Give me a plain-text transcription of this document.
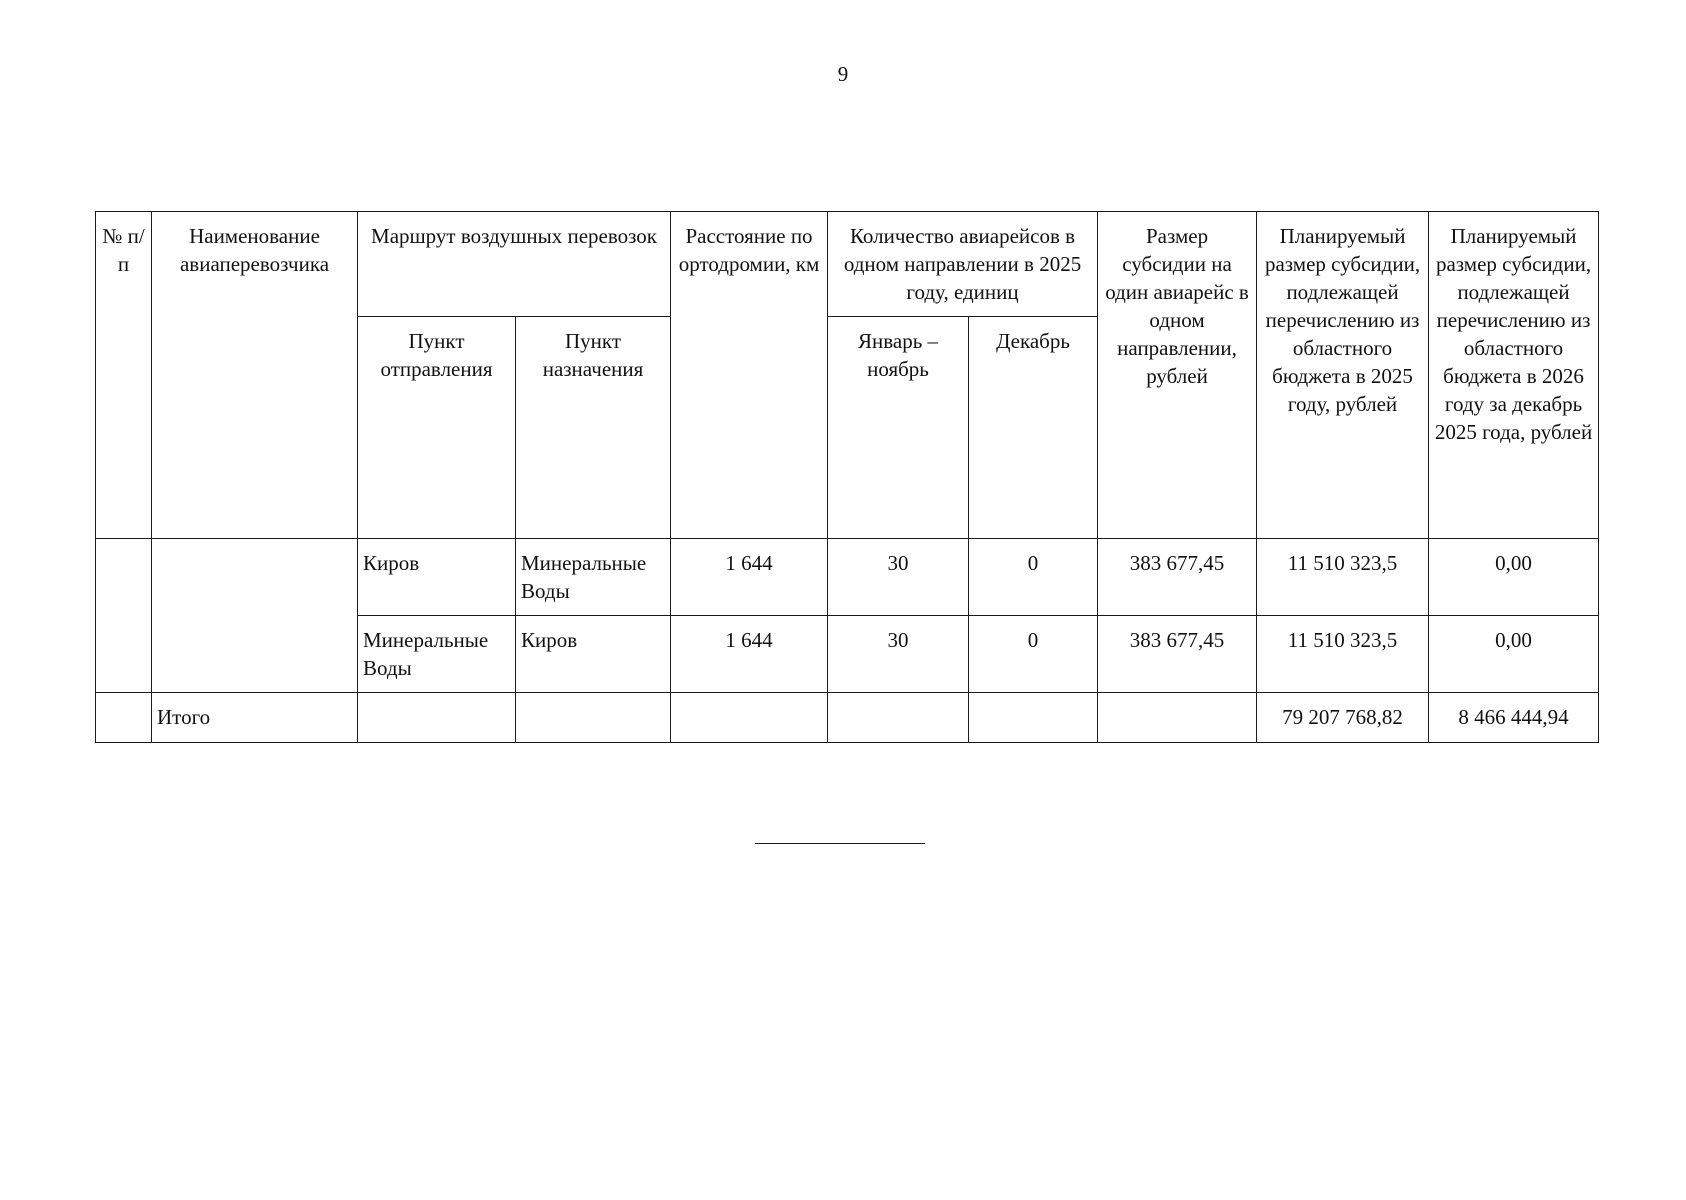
9
№ п/п	Наименование авиаперевозчика	Маршрут воздушных перевозок		Расстояние по ортодромии, км	Количество авиарейсов в одном направлении в 2025 году, единиц		Размер субсидии на один авиарейс в одном направлении, рублей	Планируемый размер субсидии, подлежащей перечислению из областного бюджета в 2025 году, рублей	Планируемый размер субсидии, подлежащей перечислению из областного бюджета в 2026 году за декабрь 2025 года, рублей
		Пункт отправления	Пункт назначения		Январь – ноябрь	Декабрь			
		Киров	Минеральные Воды	1 644	30	0	383 677,45	11 510 323,5	0,00
		Минеральные Воды	Киров	1 644	30	0	383 677,45	11 510 323,5	0,00
	Итого							79 207 768,82	8 466 444,94
